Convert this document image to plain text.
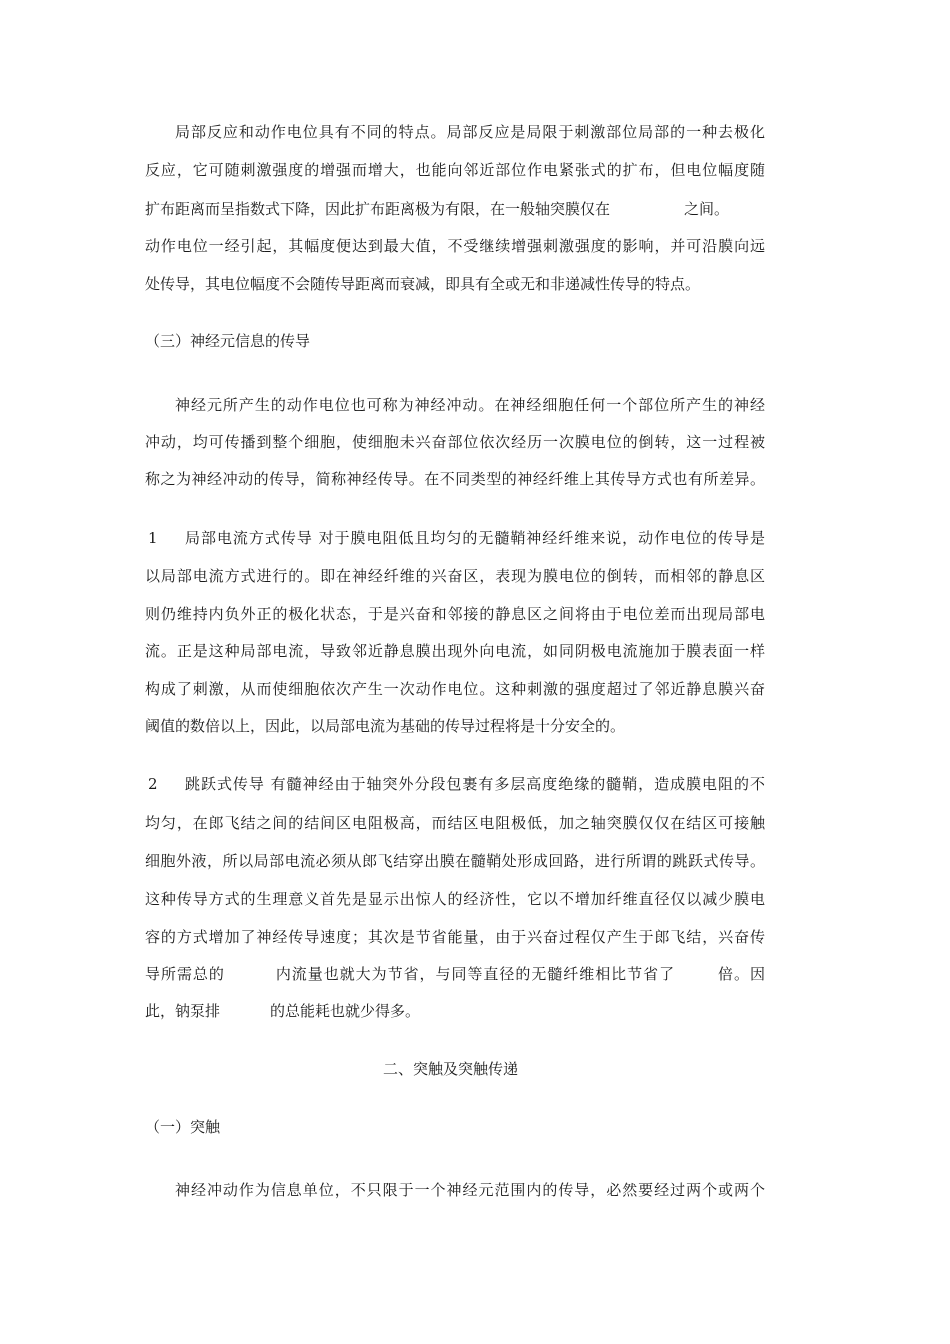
局部反应和动作电位具有不同的特点。局部反应是局限于刺激部位局部的一种去极化
反应，它可随刺激强度的增强而增大，也能向邻近部位作电紧张式的扩布，但电位幅度随
扩布距离而呈指数式下降，因此扩布距离极为有限，在一般轴突膜仅在	之间。
动作电位一经引起，其幅度便达到最大值，不受继续增强刺激强度的影响，并可沿膜向远
处传导，其电位幅度不会随传导距离而衰减，即具有全或无和非递减性传导的特点。
（三）神经元信息的传导
神经元所产生的动作电位也可称为神经冲动。在神经细胞任何一个部位所产生的神经
冲动，均可传播到整个细胞，使细胞未兴奋部位依次经历一次膜电位的倒转，这一过程被
称之为神经冲动的传导，简称神经传导。在不同类型的神经纤维上其传导方式也有所差异。
1 局部电流方式传导 对于膜电阻低且均匀的无髓鞘神经纤维来说，动作电位的传导是
以局部电流方式进行的。即在神经纤维的兴奋区，表现为膜电位的倒转，而相邻的静息区
则仍维持内负外正的极化状态，于是兴奋和邻接的静息区之间将由于电位差而出现局部电
流。正是这种局部电流，导致邻近静息膜出现外向电流，如同阴极电流施加于膜表面一样
构成了刺激，从而使细胞依次产生一次动作电位。这种刺激的强度超过了邻近静息膜兴奋
阈值的数倍以上，因此，以局部电流为基础的传导过程将是十分安全的。
2 跳跃式传导 有髓神经由于轴突外分段包裹有多层高度绝缘的髓鞘，造成膜电阻的不
均匀，在郎飞结之间的结间区电阻极高，而结区电阻极低，加之轴突膜仅仅在结区可接触
细胞外液，所以局部电流必须从郎飞结穿出膜在髓鞘处形成回路，进行所谓的跳跃式传导。
这种传导方式的生理意义首先是显示出惊人的经济性，它以不增加纤维直径仅以减少膜电
容的方式增加了神经传导速度；其次是节省能量，由于兴奋过程仅产生于郎飞结，兴奋传
导所需总的	内流量也就大为节省，与同等直径的无髓纤维相比节省了	倍。因
此，钠泵排	的总能耗也就少得多。
二、突触及突触传递
（一）突触
神经冲动作为信息单位，不只限于一个神经元范围内的传导，必然要经过两个或两个
